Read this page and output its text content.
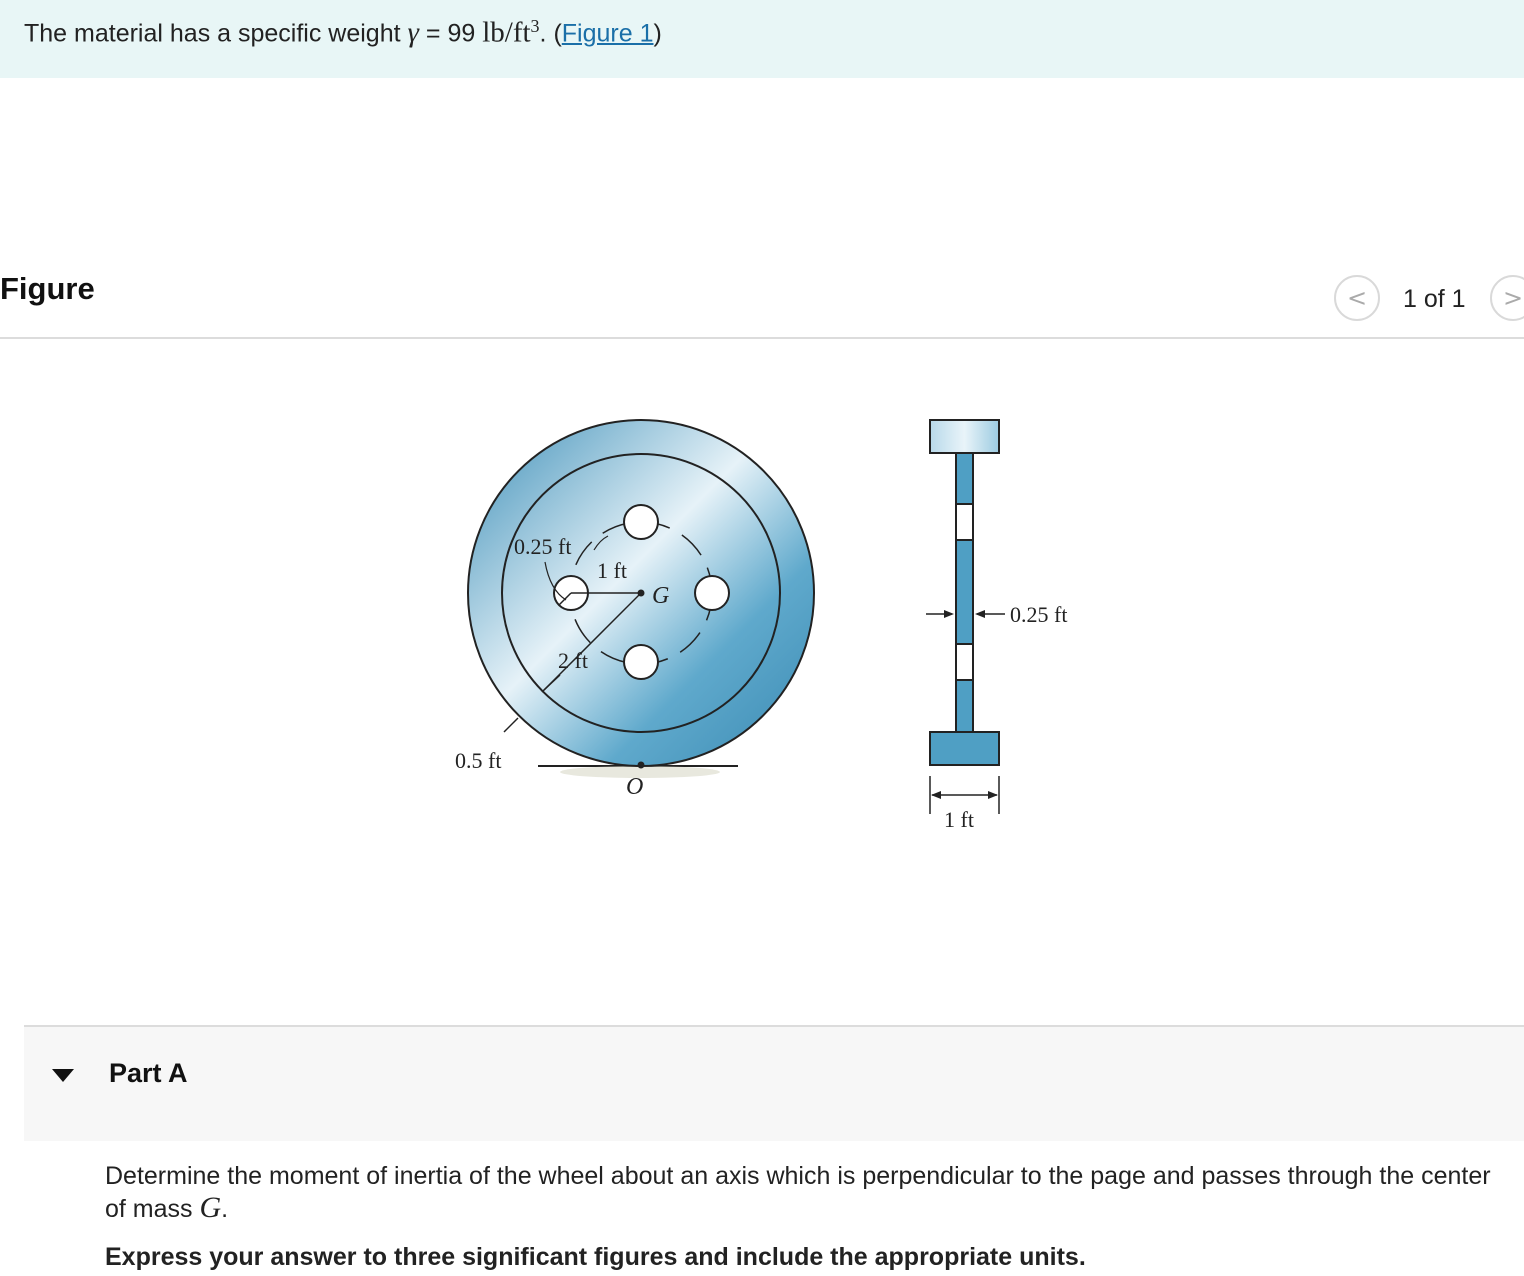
The material has a specific weight γ = 99 $lb/ft^3$. (Figure 1)
Figure	< 1 of 1 >
0.25 ft
1 ft
G
2 ft
0.5 ft
O
0.25 ft
1 ft
Part A
Determine the moment of inertia of the wheel about an axis which is perpendicular to the page and passes through the center of mass G.
Express your answer to three significant figures and include the appropriate units.
